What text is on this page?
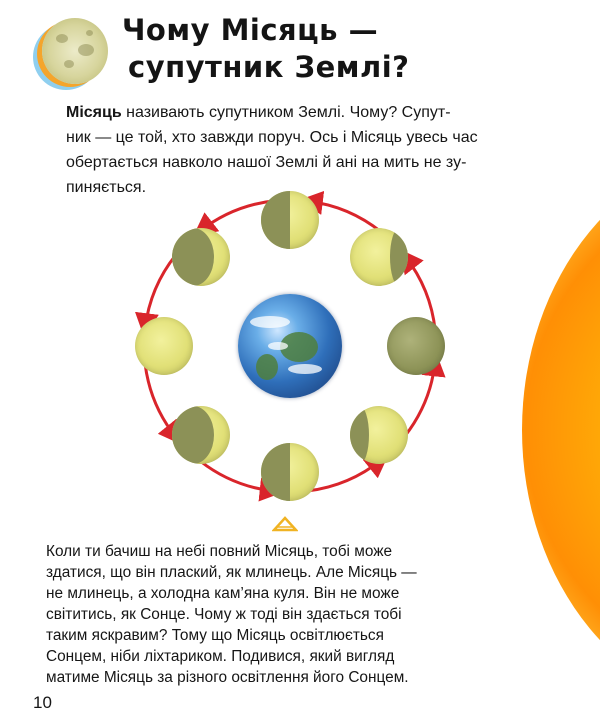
Чому Місяць —
супутник Землі?

Місяць називають супутником Землі. Чому? Супут-
ник — це той, хто завжди поруч. Ось і Місяць увесь час
обертається навколо нашої Землі й ані на мить не зу-
пиняється.

Коли ти бачиш на небі повний Місяць, тобі може
здатися, що він плаский, як млинець. Але Місяць —
не млинець, а холодна кам’яна куля. Він не може
світитись, як Сонце. Чому ж тоді він здається тобі
таким яскравим? Тому що Місяць освітлюється
Сонцем, ніби ліхтариком. Подивися, який вигляд
матиме Місяць за різного освітлення його Сонцем.

10
